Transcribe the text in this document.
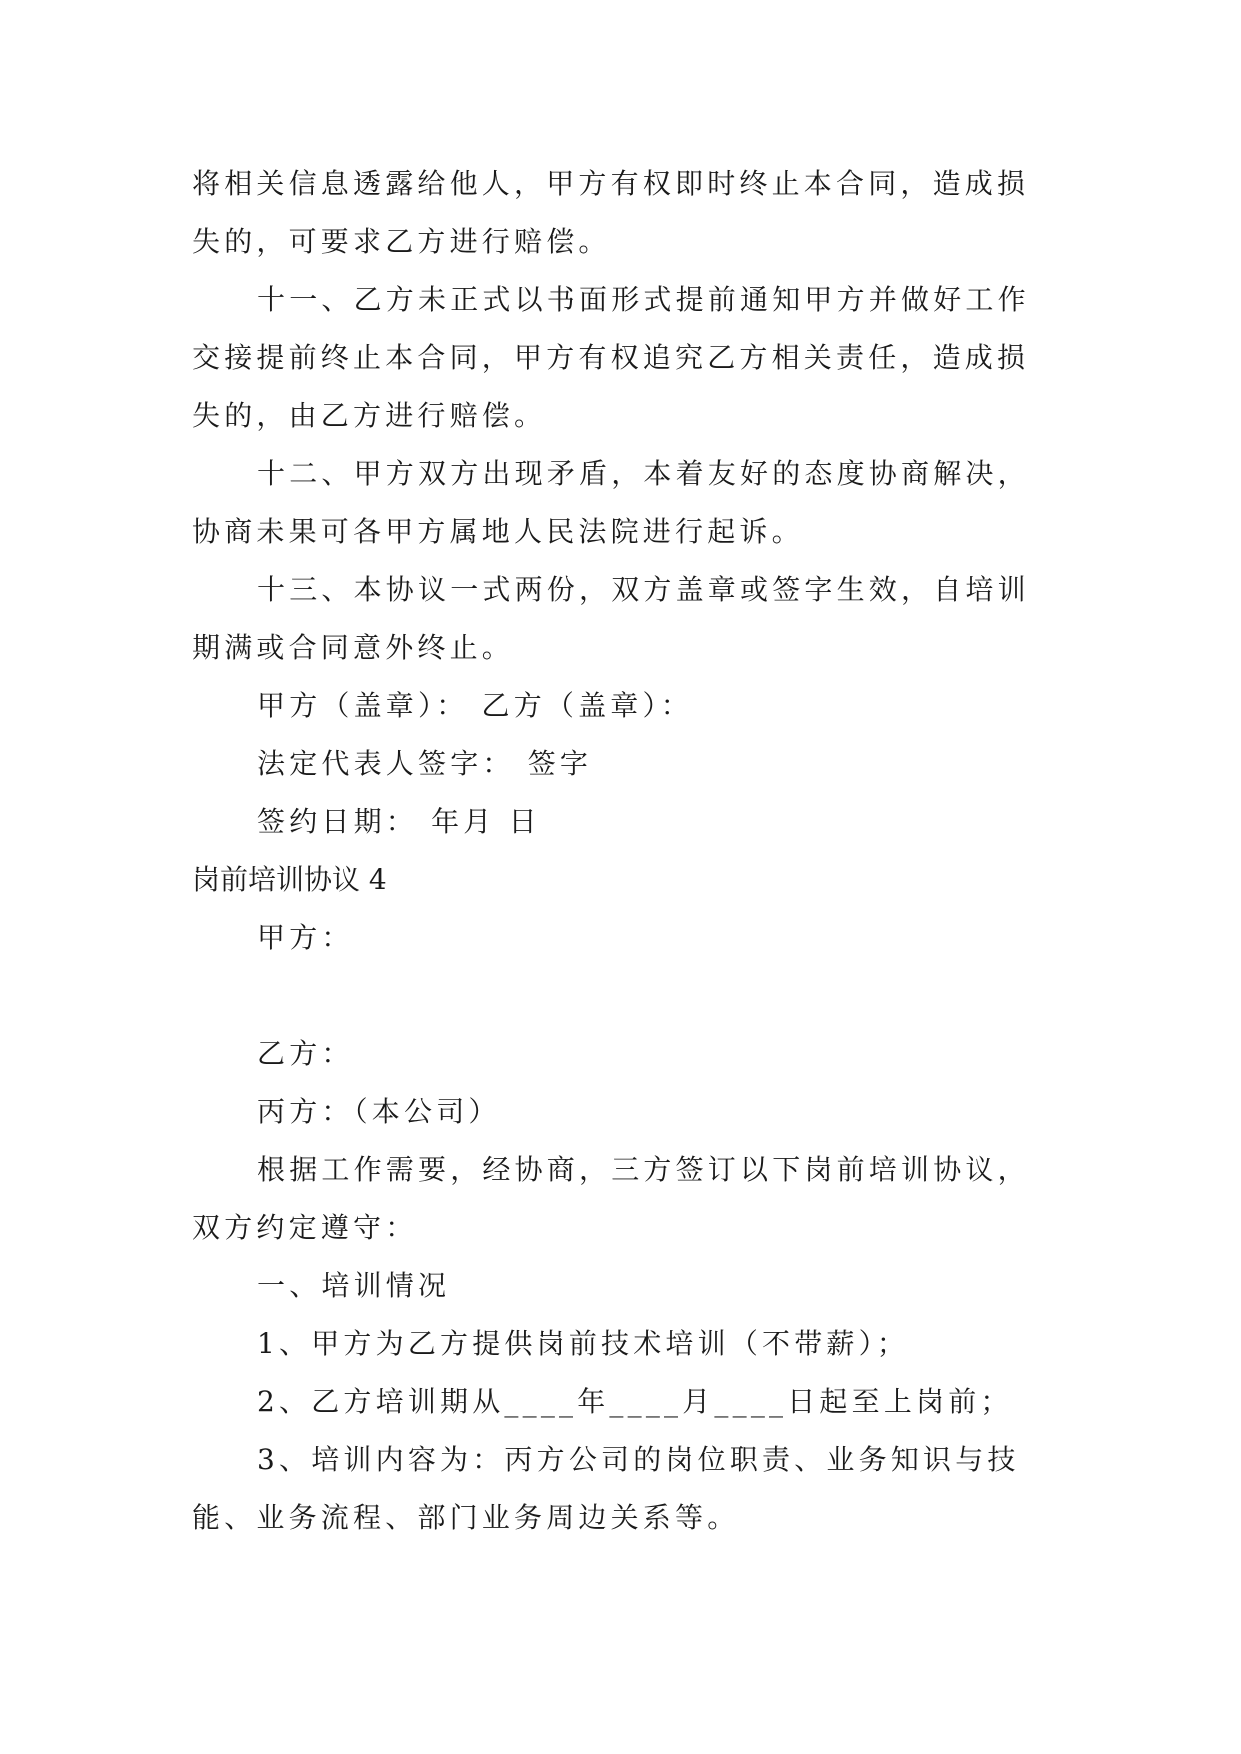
将相关信息透露给他人，甲方有权即时终止本合同，造成损

失的，可要求乙方进行赔偿。

十一、乙方未正式以书面形式提前通知甲方并做好工作

交接提前终止本合同，甲方有权追究乙方相关责任，造成损

失的，由乙方进行赔偿。

十二、甲方双方出现矛盾，本着友好的态度协商解决，

协商未果可各甲方属地人民法院进行起诉。

十三、本协议一式两份，双方盖章或签字生效，自培训

期满或合同意外终止。

甲方（盖章）： 乙方（盖章）：

法定代表人签字： 签字

签约日期： 年月 日

岗前培训协议 4

甲方：

乙方：

丙方：（本公司）

根据工作需要，经协商，三方签订以下岗前培训协议，

双方约定遵守：

一、培训情况

1、甲方为乙方提供岗前技术培训（不带薪）；

2、乙方培训期从____年____月____日起至上岗前；

3、培训内容为：丙方公司的岗位职责、业务知识与技

能、业务流程、部门业务周边关系等。
